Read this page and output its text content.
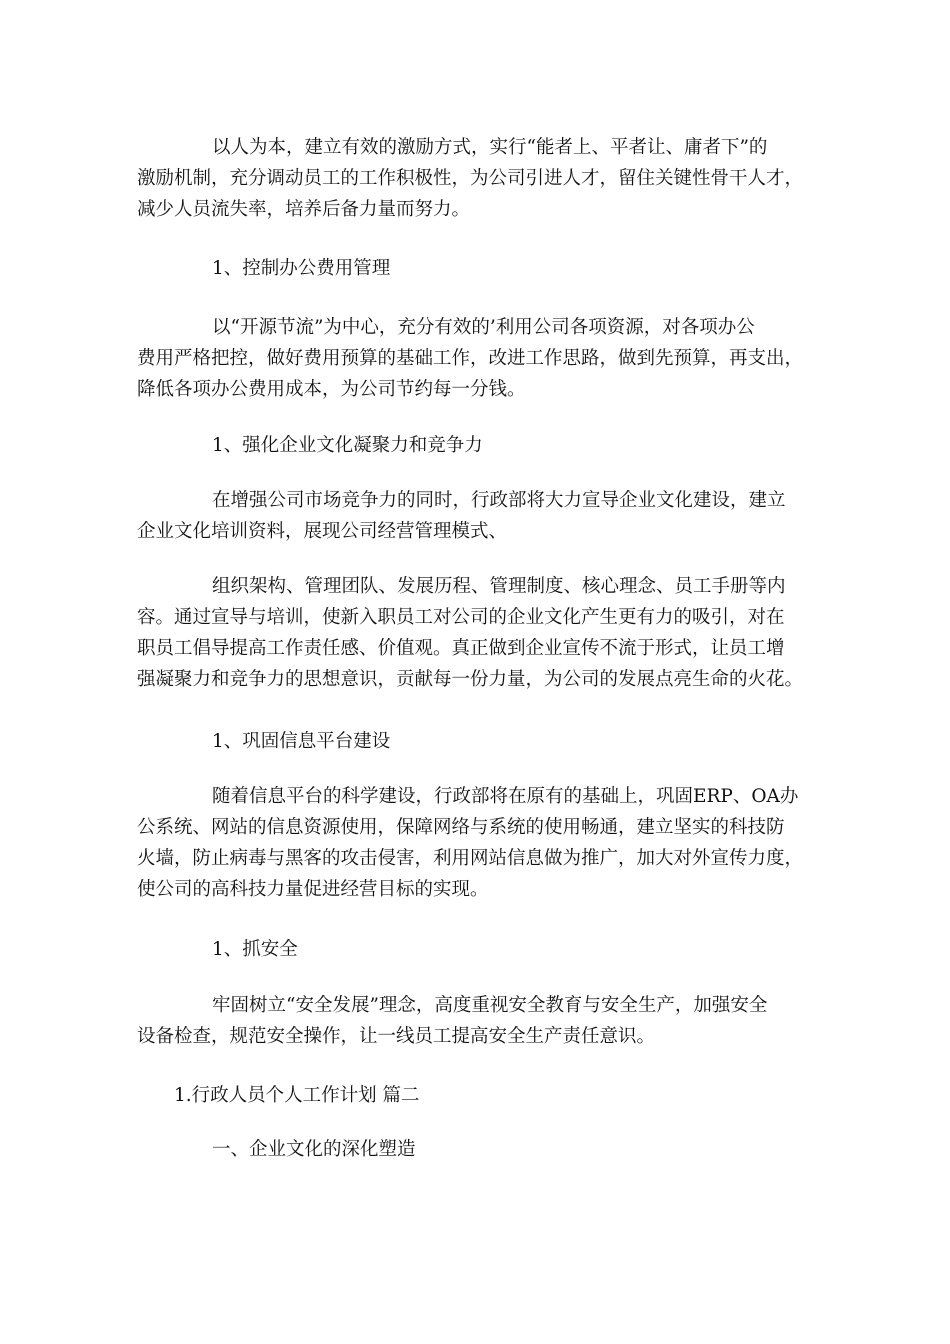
以人为本，建立有效的激励方式，实行“能者上、平者让、庸者下”的

激励机制，充分调动员工的工作积极性，为公司引进人才，留住关键性骨干人才，

减少人员流失率，培养后备力量而努力。

1、控制办公费用管理

以“开源节流”为中心，充分有效的’利用公司各项资源，对各项办公

费用严格把控，做好费用预算的基础工作，改进工作思路，做到先预算，再支出，

降低各项办公费用成本，为公司节约每一分钱。

1、强化企业文化凝聚力和竞争力

在增强公司市场竞争力的同时，行政部将大力宣导企业文化建设，建立

企业文化培训资料，展现公司经营管理模式、

组织架构、管理团队、发展历程、管理制度、核心理念、员工手册等内

容。通过宣导与培训，使新入职员工对公司的企业文化产生更有力的吸引，对在

职员工倡导提高工作责任感、价值观。真正做到企业宣传不流于形式，让员工增

强凝聚力和竞争力的思想意识，贡献每一份力量，为公司的发展点亮生命的火花。

1、巩固信息平台建设

随着信息平台的科学建设，行政部将在原有的基础上，巩固ERP、OA办

公系统、网站的信息资源使用，保障网络与系统的使用畅通，建立坚实的科技防

火墙，防止病毒与黑客的攻击侵害，利用网站信息做为推广，加大对外宣传力度，

使公司的高科技力量促进经营目标的实现。

1、抓安全

牢固树立“安全发展”理念，高度重视安全教育与安全生产，加强安全

设备检查，规范安全操作，让一线员工提高安全生产责任意识。

1.行政人员个人工作计划 篇二
一、企业文化的深化塑造
